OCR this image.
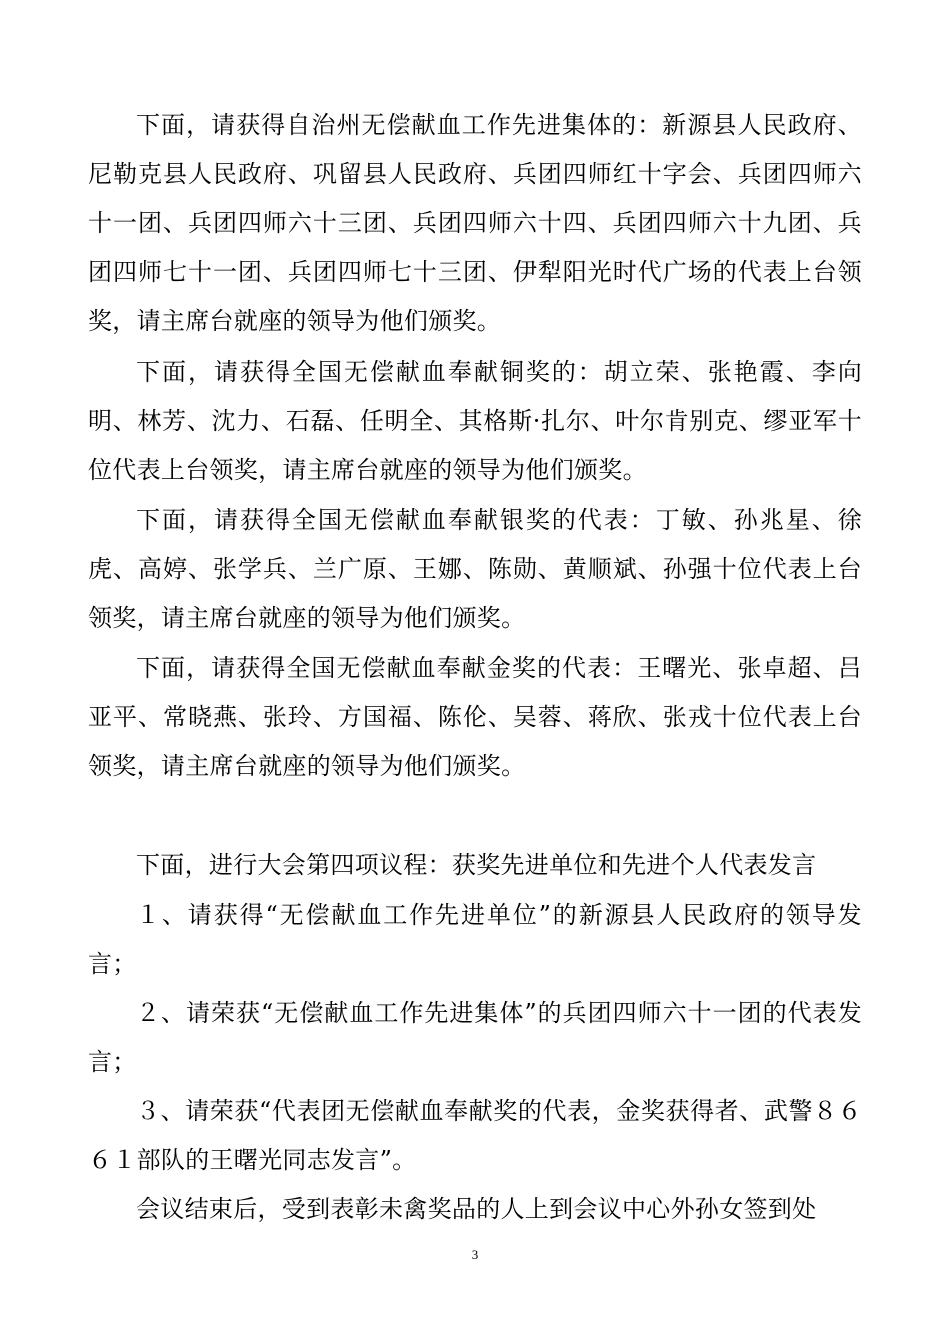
下面，请获得自治州无偿献血工作先进集体的：新源县人民政府、尼勒克县人民政府、巩留县人民政府、兵团四师红十字会、兵团四师六十一团、兵团四师六十三团、兵团四师六十四、兵团四师六十九团、兵团四师七十一团、兵团四师七十三团、伊犁阳光时代广场的代表上台领奖，请主席台就座的领导为他们颁奖。

下面，请获得全国无偿献血奉献铜奖的：胡立荣、张艳霞、李向明、林芳、沈力、石磊、任明全、其格斯·扎尔、叶尔肯别克、缪亚军十位代表上台领奖，请主席台就座的领导为他们颁奖。

下面，请获得全国无偿献血奉献银奖的代表：丁敏、孙兆星、徐虎、高婷、张学兵、兰广原、王娜、陈勋、黄顺斌、孙强十位代表上台领奖，请主席台就座的领导为他们颁奖。

下面，请获得全国无偿献血奉献金奖的代表：王曙光、张卓超、吕亚平、常晓燕、张玲、方国福、陈伦、吴蓉、蒋欣、张戎十位代表上台领奖，请主席台就座的领导为他们颁奖。

下面，进行大会第四项议程：获奖先进单位和先进个人代表发言

１、请获得“无偿献血工作先进单位”的新源县人民政府的领导发言；

２、请荣获“无偿献血工作先进集体”的兵团四师六十一团的代表发言；

３、请荣获“代表团无偿献血奉献奖的代表，金奖获得者、武警８６６１部队的王曙光同志发言”。

会议结束后，受到表彰未禽奖品的人上到会议中心外孙女签到处

3
